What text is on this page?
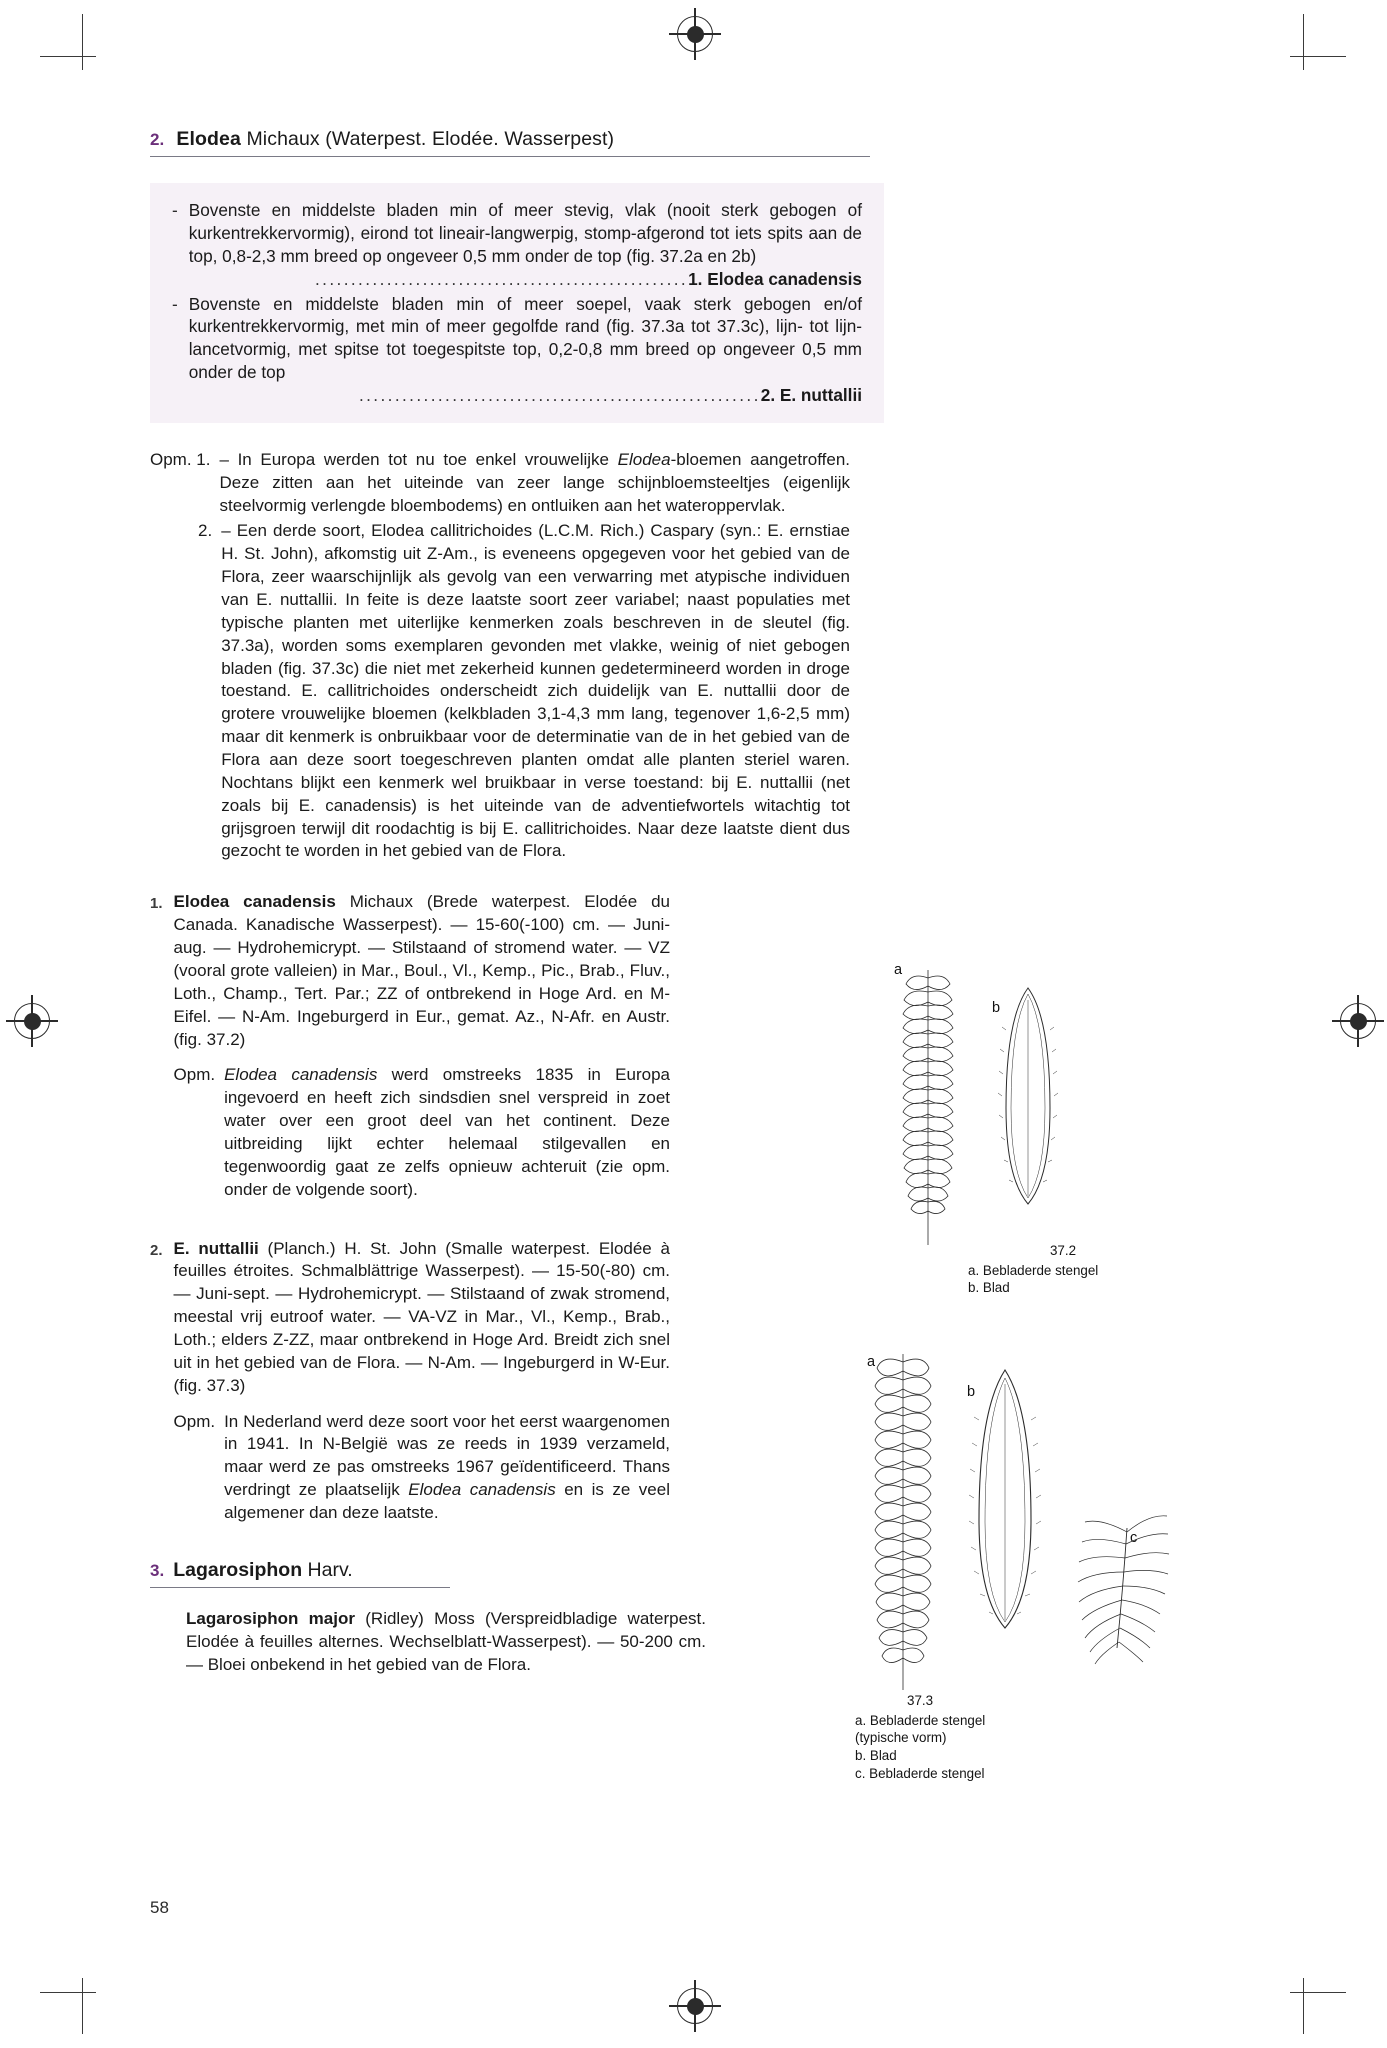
2. Elodea Michaux (Waterpest. Elodée. Wasserpest)
- Bovenste en middelste bladen min of meer stevig, vlak (nooit sterk gebogen of kurkentrekkervormig), eirond tot lineair-langwerpig, stomp-afgerond tot iets spits aan de top, 0,8-2,3 mm breed op ongeveer 0,5 mm onder de top (fig. 37.2a en 2b)

....................................................1. Elodea canadensis

- Bovenste en middelste bladen min of meer soepel, vaak sterk gebogen en/of kurkentrekkervormig, met min of meer gegolfde rand (fig. 37.3a tot 37.3c), lijn- tot lijn-lancetvormig, met spitse tot toegespitste top, 0,2-0,8 mm breed op ongeveer 0,5 mm onder de top

........................................................2. E. nuttallii

Opm. 1. – In Europa werden tot nu toe enkel vrouwelijke Elodea-bloemen aangetroffen. Deze zitten aan het uiteinde van zeer lange schijnbloemsteeltjes (eigenlijk steelvormig verlengde bloembodems) en ontluiken aan het wateroppervlak.

2. – Een derde soort, Elodea callitrichoides (L.C.M. Rich.) Caspary (syn.: E. ernstiae H. St. John), afkomstig uit Z-Am., is eveneens opgegeven voor het gebied van de Flora, zeer waarschijnlijk als gevolg van een verwarring met atypische individuen van E. nuttallii. In feite is deze laatste soort zeer variabel; naast populaties met typische planten met uiterlijke kenmerken zoals beschreven in de sleutel (fig. 37.3a), worden soms exemplaren gevonden met vlakke, weinig of niet gebogen bladen (fig. 37.3c) die niet met zekerheid kunnen gedetermineerd worden in droge toestand. E. callitrichoides onderscheidt zich duidelijk van E. nuttallii door de grotere vrouwelijke bloemen (kelkbladen 3,1-4,3 mm lang, tegenover 1,6-2,5 mm) maar dit kenmerk is onbruikbaar voor de determinatie van de in het gebied van de Flora aan deze soort toegeschreven planten omdat alle planten steriel waren. Nochtans blijkt een kenmerk wel bruikbaar in verse toestand: bij E. nuttallii (net zoals bij E. canadensis) is het uiteinde van de adventiefwortels witachtig tot grijsgroen terwijl dit roodachtig is bij E. callitrichoides. Naar deze laatste dient dus gezocht te worden in het gebied van de Flora.

1. Elodea canadensis Michaux (Brede waterpest. Elodée du Canada. Kanadische Wasserpest). — 15-60(-100) cm. — Juni-aug. — Hydrohemicrypt. — Stilstaand of stromend water. — VZ (vooral grote valleien) in Mar., Boul., Vl., Kemp., Pic., Brab., Fluv., Loth., Champ., Tert. Par.; ZZ of ontbrekend in Hoge Ard. en M-Eifel. — N-Am. Ingeburgerd in Eur., gemat. Az., N-Afr. en Austr. (fig. 37.2)

Opm. Elodea canadensis werd omstreeks 1835 in Europa ingevoerd en heeft zich sindsdien snel verspreid in zoet water over een groot deel van het continent. Deze uitbreiding lijkt echter helemaal stilgevallen en tegenwoordig gaat ze zelfs opnieuw achteruit (zie opm. onder de volgende soort).

2. E. nuttallii (Planch.) H. St. John (Smalle waterpest. Elodée à feuilles étroites. Schmalblättrige Wasserpest). — 15-50(-80) cm. — Juni-sept. — Hydrohemicrypt. — Stilstaand of zwak stromend, meestal vrij eutroof water. — VA-VZ in Mar., Vl., Kemp., Brab., Loth.; elders Z-ZZ, maar ontbrekend in Hoge Ard. Breidt zich snel uit in het gebied van de Flora. — N-Am. — Ingeburgerd in W-Eur. (fig. 37.3)

Opm. In Nederland werd deze soort voor het eerst waargenomen in 1941. In N-België was ze reeds in 1939 verzameld, maar werd ze pas omstreeks 1967 geïdentificeerd. Thans verdringt ze plaatselijk Elodea canadensis en is ze veel algemener dan deze laatste.

3. Lagarosiphon Harv.

Lagarosiphon major (Ridley) Moss (Verspreidbladige waterpest. Elodée à feuilles alternes. Wechselblatt-Wasserpest). — 50-200 cm. — Bloei onbekend in het gebied van de Flora.

58
a
b
37.2

a. Bebladerde stengel

b. Blad

a
b
c
37.3

a. Bebladerde stengel

(typische vorm)

b. Blad

c. Bebladerde stengel
